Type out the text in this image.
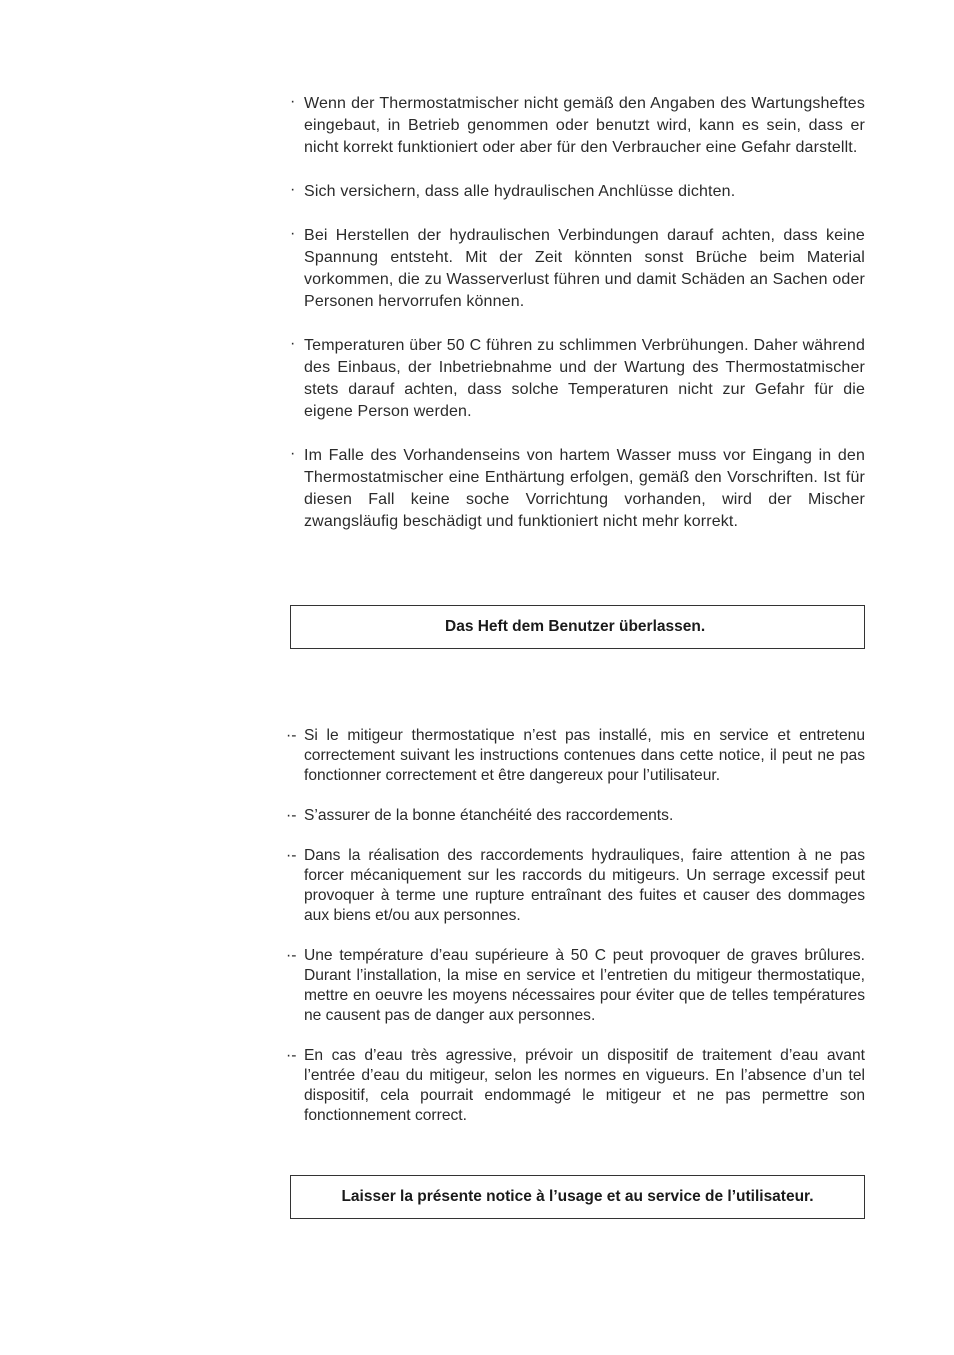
· Wenn der Thermostatmischer nicht gemäß den Angaben des Wartungsheftes eingebaut, in Betrieb genommen oder benutzt wird, kann es sein, dass er nicht korrekt funktioniert oder aber für den Verbraucher eine Gefahr darstellt.
· Sich versichern, dass alle hydraulischen Anchlüsse dichten.
· Bei Herstellen der hydraulischen Verbindungen darauf achten, dass keine Spannung entsteht. Mit der Zeit könnten sonst Brüche beim Material vorkommen, die zu Wasserverlust führen und damit Schäden an Sachen oder Personen hervorrufen können.
· Temperaturen über 50 C führen zu schlimmen Verbrühungen. Daher während des Einbaus, der Inbetriebnahme und der Wartung des Thermostatmischer stets darauf achten, dass solche Temperaturen nicht zur Gefahr für die eigene Person werden.
· Im Falle des Vorhandenseins von hartem Wasser muss vor Eingang in den Thermostatmischer eine Enthärtung erfolgen, gemäß den Vorschriften. Ist für diesen Fall keine soche Vorrichtung vorhanden, wird der Mischer zwangsläufig beschädigt und funktioniert nicht mehr korrekt.
Das Heft dem Benutzer überlassen.
·- Si le mitigeur thermostatique n’est pas installé, mis en service et entretenu correctement suivant les instructions contenues dans cette notice, il peut ne pas fonctionner correctement et être dangereux pour l’utilisateur.
·- S’assurer de la bonne étanchéité des raccordements.
·- Dans la réalisation des raccordements hydrauliques, faire attention à ne pas forcer mécaniquement sur les raccords du mitigeurs. Un serrage excessif peut provoquer à terme une rupture entraînant des fuites et causer des dommages aux biens et/ou aux personnes.
·- Une température d’eau supérieure à 50 C peut provoquer de graves brûlures. Durant l’installation, la mise en service et l’entretien du mitigeur thermostatique, mettre en oeuvre les moyens nécessaires pour éviter que de telles températures ne causent pas de danger aux personnes.
·- En cas d’eau très agressive, prévoir un dispositif de traitement d’eau avant l’entrée d’eau du mitigeur, selon les normes en vigueurs. En l’absence d’un tel dispositif, cela pourrait endommagé le mitigeur et ne pas permettre son fonctionnement correct.
Laisser la présente notice à l’usage et au service de l’utilisateur.
